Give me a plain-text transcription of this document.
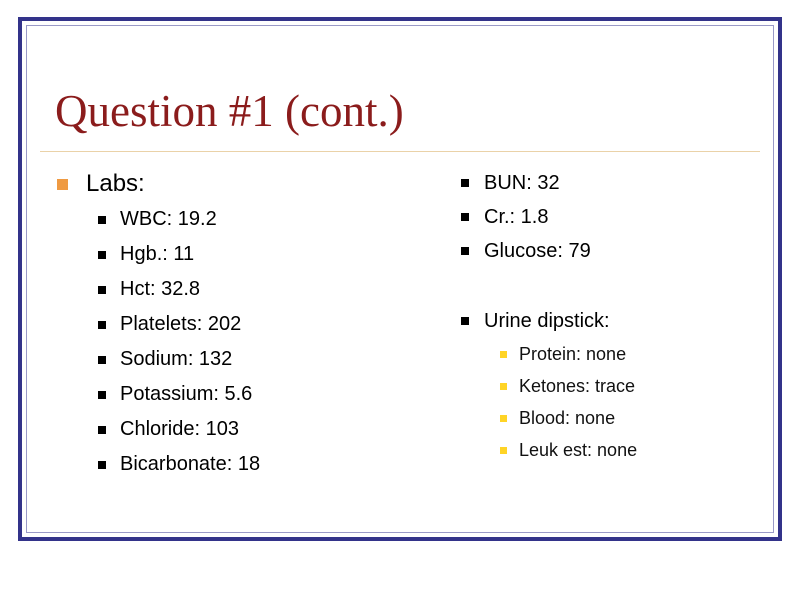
Question #1 (cont.)
Labs:
WBC: 19.2
Hgb.: 11
Hct: 32.8
Platelets: 202
Sodium: 132
Potassium: 5.6
Chloride: 103
Bicarbonate: 18
BUN: 32
Cr.: 1.8
Glucose: 79
Urine dipstick:
Protein: none
Ketones: trace
Blood: none
Leuk est: none
